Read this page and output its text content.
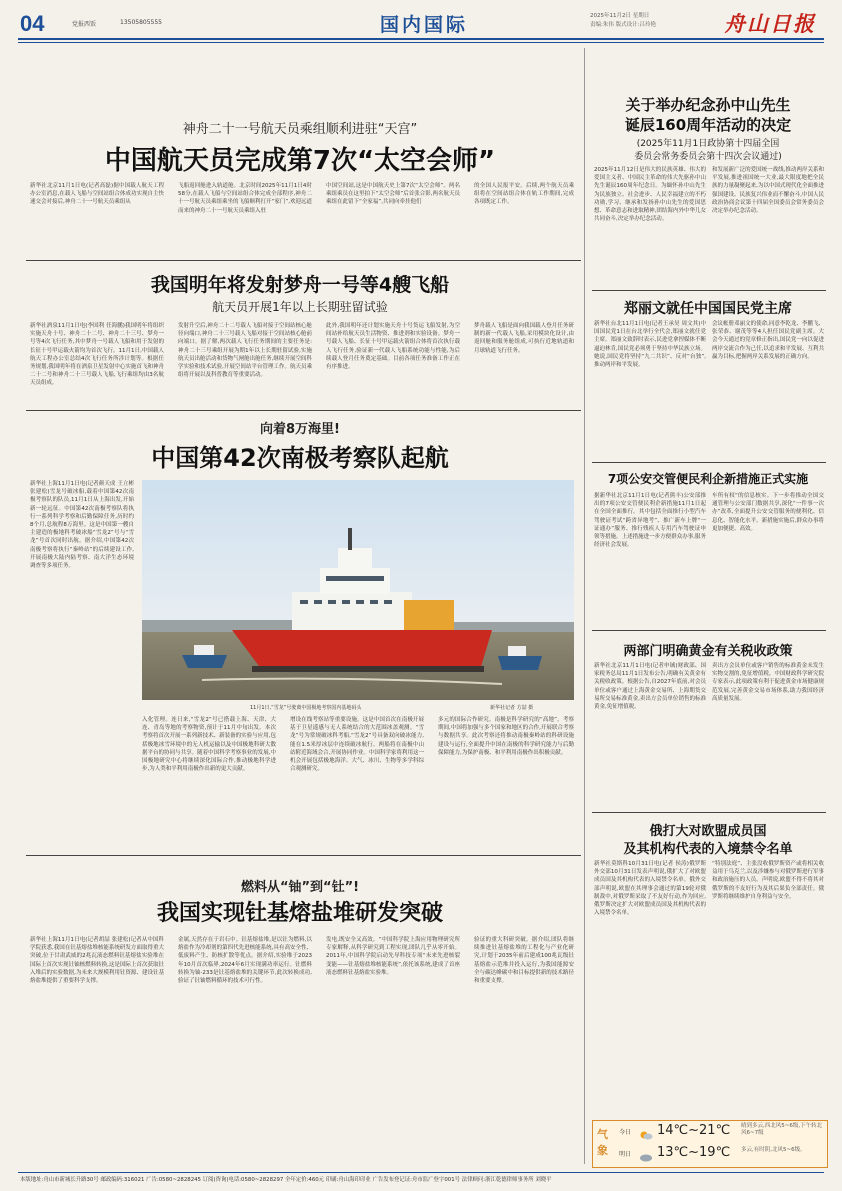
04	党报西饭	13505805555	国内国际	2025年11月2日 星期日
责编:朱伟 版式设计:吕玲艳	舟山日报
神舟二十一号航天员乘组顺利进驻“天宫”
中国航天员完成第7次“太空会师”
新华社北京11月1日电(记者高磊)据中国载人航天工程办公室消息,在载人飞船与空间站组合体成功实现自主快速交会对接后,神舟二十一号航天员乘组从
飞船返回舱进入轨道舱。北京时间2025年11月1日4时58分,在载人飞船与空间站组合体完成全部程序,神舟二十一号航天员乘组乘坐的飞船顺利打开“家门”,欢迎远道而来的神舟二十一号航天员乘组入驻
中国空间站,这是中国航天史上第7次“太空会师”。两名乘组乘员在这里拍下“太空会师”后首张合影,两名航天员乘组在此留下“全家福”,共同向牵挂他们
的全国人民报平安。后续,两个航天员乘组将在空间站组合体在轨工作期间,完成各项既定工作。
我国明年将发射梦舟一号等4艘飞船
航天员开展1年以上长期驻留试验
新华社酒泉11月1日电(李国利 任海鹏)我国明年将组织实施天舟十号、神舟二十二号、神舟二十三号、梦舟一号等4次飞行任务,其中梦舟一号载人飞船和用于发射的长征十号甲运载火箭均为首次飞行。11月1日,中国载人航天工程办公室总结4次飞行任务所涉计划等。根据任务规划,我国明年将在酒泉卫星发射中心实施首飞和神舟二十二号和神舟二十三号载人飞船,飞行乘组均由3名航天员组成。
发射升空后,神舟二十二号载人飞船对接于空间站核心舱径向端口,神舟二十三号载人飞船对接于空间站核心舱前向端口。据了解,两次载人飞行任务期间的主要任务是:神舟二十三号乘组开展为期1年以上长期驻留试验,实施航天员出舱活动和货物气闸舱出舱任务,继续开展空间科学实验和技术试验,开展空间站平台管理工作。航天员乘组将开展以及科普教育等重要活动。
此外,我国明年还计划实施天舟十号货运飞船发射,为空间站补给航天员生活物资、推进剂和实验设备。梦舟一号载人飞船、长征十号甲运载火箭组合体将首次执行载人飞行任务,验证新一代载人飞船系统功能与性能,为后续载人登月任务奠定基础。目前各项任务准备工作正在有序推进。
梦舟载人飞船是面向我国载人登月任务研制的新一代载人飞船,采用模块化设计,由返回舱和服务舱组成,可执行近地轨道和月球轨道飞行任务。
向着8万海里!
中国第42次南极考察队起航
新华社上海11月1日电(记者颜天成 王立彬 张建松)雪龙号破冰船,载着中国第42次南极考察队的队员,11月1日从上海出发,开始新一轮远征。中国第42次南极考察队将执行一系列科学考察和后勤保障任务,历时约8个月,总航程8万海里。这是中国第一艘自主建造的极地科考破冰船“雪龙2”号与“雪龙”号首次同时出航。据介绍,中国第42次南极考察将执行“秦岭站”的后续建设工作,开展南极大陆内陆考察、南大洋生态环境调查等多项任务。
11月1日,“雪龙”号驶离中国极地考察国内基地码头	新华社记者 方喆 摄
入化管理。连日来,“雪龙2”号已搭载上海、天津、大连、青岛等地的考察物资,预计于11月中旬出发。本次考察将首次开展一系列新技术、新装备的实验与应用,包括极地冰雪环境中的无人机运输以及中国极地科研大数据平台的协同与共享。随着中国科学考察事业的发展,中国极地研究中心将继续深化国际合作,推动极地科学进步,为人类和平利用南极作出新的更大贡献。
增设在线考察站等重要设施。这是中国首次在南极开展基于卫星遥感与无人系统结合的大范围冰盖观测。“雪龙”号为常规破冰科考船,“雪龙2”号具备双向破冰能力,能在1.5米厚冰层中连续破冰航行。两船将在南极中山站附近海域会合,开展协同作业。中国科学家将利用这一机会开展包括极地海洋、大气、冰川、生物等多学科综合观测研究。
多元的国际合作研究。南极是科学研究的“高地”。考察期间,中国将加强与多个国家和地区的合作,开展联合考察与数据共享。此次考察还将推动南极秦岭站的科研设施建设与运行,全面提升中国在南极的科学研究能力与后勤保障能力,为保护南极、和平利用南极作出积极贡献。
燃料从“铀”到“钍”!
我国实现钍基熔盐堆研发突破
新华社上海11月1日电(记者胡喆 张建松)记者从中国科学院获悉,我国在钍基熔盐堆核能系统研发方面取得重大突破,位于甘肃武威的2兆瓦液态燃料钍基熔盐实验堆在国际上首次实现钍铀核燃料转换,这是国际上首次获取钍入堆后的实验数据,为未来大规模利用钍资源、建设钍基熔盐堆提供了重要科学支撑。
金属,天然存在于岩石中。钍基熔盐堆,是以钍为燃料,以熔盐作为冷却剂的第四代先进核能系统,具有高安全性、低废料产生、防核扩散等优点。据介绍,实验堆于2023年10月首次临界,2024年6月实现满功率运行。钍燃料转换为铀-233是钍基熔盐堆的关键环节,此次转换成功,验证了钍铀燃料循环的技术可行性。
发电,既安全又高效。“中国科学院上海应用物理研究所专家解释,从科学研究到工程实现,团队几乎从零开始。2011年,中国科学院启动先导科技专项“未来先进核裂变能——钍基熔盐堆核能系统”,依托该系统,建成了首座液态燃料钍基熔盐实验堆。
验证的重大科研突破。据介绍,团队将继续推进钍基熔盐堆的工程化与产业化研究,计划于2035年前后建成100兆瓦级钍基熔盐示范堆并投入运行,为我国能源安全与碳达峰碳中和目标提供新的技术路径和重要支撑。
关于举办纪念孙中山先生
诞辰160周年活动的决定
(2025年11月1日政协第十四届全国
委员会常务委员会第十四次会议通过)
2025年11月12日是伟大的民族英雄、伟大的爱国主义者、中国民主革命的伟大先驱孙中山先生诞辰160周年纪念日。为缅怀孙中山先生为民族独立、社会进步、人民幸福建立的不朽功勋,学习、继承和发扬孙中山先生的爱国思想、革命意志和进取精神,团结海内外中华儿女共同奋斗,决定举办纪念活动。
和发展新广泛的爱国统一战线,推动两岸关系和平发展,推进祖国统一大业,最大限度地把全民族的力量凝聚起来,为以中国式现代化全面推进强国建设、民族复兴伟业而不懈奋斗,中国人民政治协商会议第十四届全国委员会常务委员会决定举办纪念活动。
郑丽文就任中国国民党主席
新华社台北11月1日电(记者王承昊 周文其)中国国民党1日在台北举行全代会,郑丽文就任党主席。郑丽文致辞时表示,民进党拿捏媒体不断逼迫林肯,国民党必须勇于坚持中华民族立场。她说,国民党将坚持“九二共识”、反对“台独”,推动两岸和平发展。
会议帐册邓丽文的使命,同意李乾龙、李鹏飞、张荣恭、谢茂等等4人担任国民党副主席。大会今天通过的党章修正指出,国民党一向以促进两岸交流合作为己任,以追求和平发展、互利共赢为目标,把握两岸关系发展的正确方向。
7项公安交管便民利企新措施正式实施
据新华社北京11月1日电(记者熊丰)公安部推出的7项公安交管便民利企新措施11月1日起在全国全面推行。其中包括全面推行小型汽车驾驶证考试“跨省异地考”、推广新车上牌“一证通办”服务、推行残疾人专用汽车驾驶证申领等措施。上述措施进一步方便群众办事,服务经济社会发展。
车所有权“的信息核实。下一步将推动全国交通管理与公安部门数据共享,深化“一件事一次办”改革,全面提升公安交管服务的便利化、信息化、智能化水平。新措施实施后,群众办事将更加便捷、高效。
两部门明确黄金有关税收政策
新华社北京11月1日电(记者申铖)财政部、国家税务总局11月1日发布公告,明确有关黄金有关税收政策。根据公告,自2027年底前,对会员单位或客户通过上海黄金交易所、上海期货交易所交易标准黄金,卖出方会员单位销售的标准黄金,免征增值税。
卖出方会员单位或客户销售的标准黄金未发生实物交割的,免征增值税。中国财政科学研究院专家表示,此项政策有利于促进黄金市场健康规范发展,完善黄金交易市场体系,助力我国经济高质量发展。
俄打大对欧盟成员国
及其机构代表的入境禁令名单
新华社莫斯科10月31日电(记者 侯涛)俄罗斯外交部10月31日发表声明说,俄扩大了对欧盟成员国及其机构代表的入境禁令名单。俄外交部声明说,欧盟在其理事会通过的第19轮对俄制裁中,对俄罗斯采取了不友好行动,作为回应,俄罗斯决定扩大对欧盟成员国及其机构代表的入境禁令名单。
“特别法庭”、主张没收俄罗斯资产或将相关收益用于乌克兰,以及涉嫌参与对俄罗斯进行军事和政治施压的人员。声明说,欧盟不得不将其对俄罗斯的不友好行为及其后果负全部责任。俄罗斯将继续维护自身利益与安全。
气
象
今日 14℃~21℃ 晴到多云,西北风5~6级,下午转北风6~7级
明日 13℃~19℃ 多云,有时阴,北风5~6级。
本版地址:舟山市新城长升路30号 邮政编码:316021 广告:0580~2828245 订阅(咨询)电话:0580~2828297 全年定价:460元 印刷:舟山海印印业 广告发布登记证:舟市监广登字001号 法律顾问:浙江乾德律师事务所 刘晓平
